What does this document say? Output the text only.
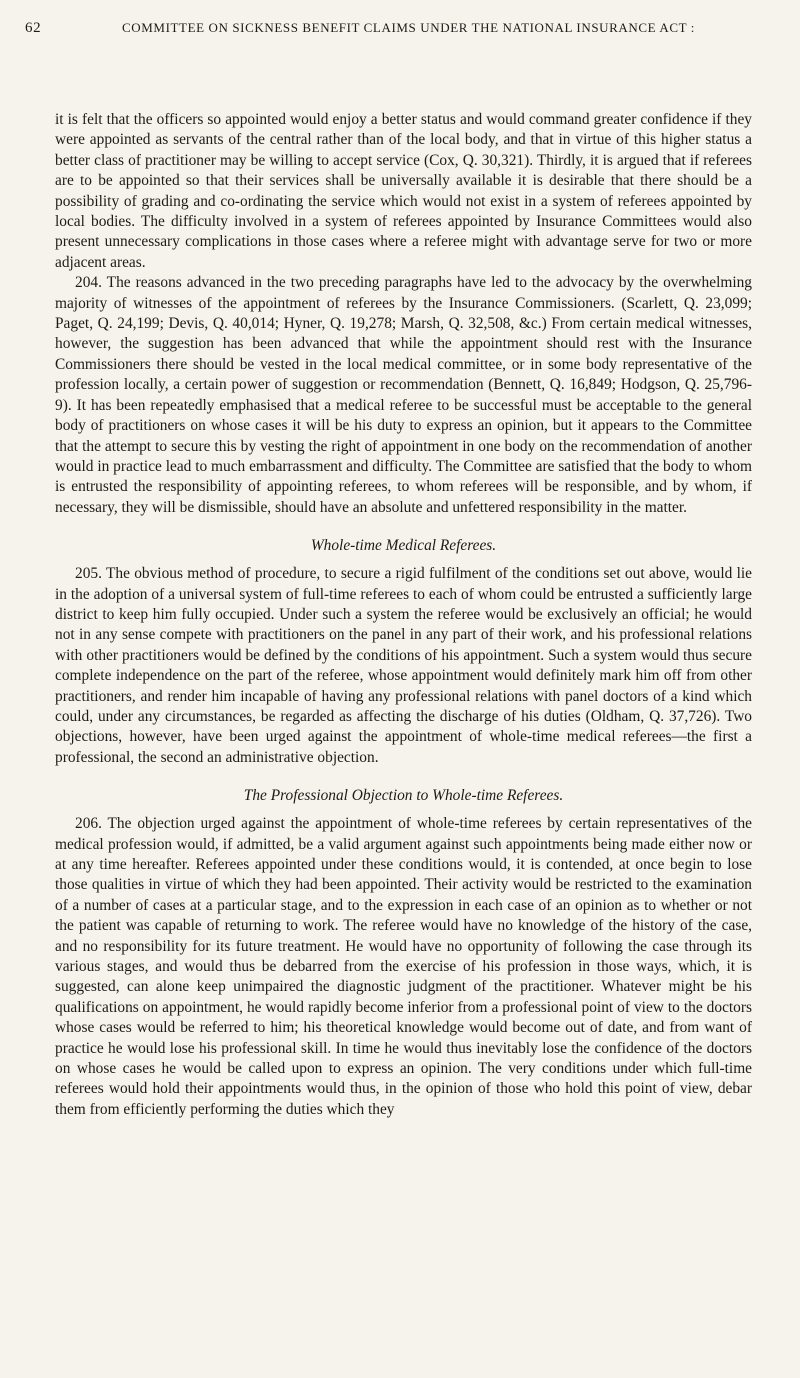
62	COMMITTEE ON SICKNESS BENEFIT CLAIMS UNDER THE NATIONAL INSURANCE ACT :

it is felt that the officers so appointed would enjoy a better status and would command greater confidence if they were appointed as servants of the central rather than of the local body, and that in virtue of this higher status a better class of practitioner may be willing to accept service (Cox, Q. 30,321). Thirdly, it is argued that if referees are to be appointed so that their services shall be universally available it is desirable that there should be a possibility of grading and co-ordinating the service which would not exist in a system of referees appointed by local bodies. The difficulty involved in a system of referees appointed by Insurance Committees would also present unnecessary complications in those cases where a referee might with advantage serve for two or more adjacent areas.

204. The reasons advanced in the two preceding paragraphs have led to the advocacy by the overwhelming majority of witnesses of the appointment of referees by the Insurance Commissioners. (Scarlett, Q. 23,099; Paget, Q. 24,199; Devis, Q. 40,014; Hyner, Q. 19,278; Marsh, Q. 32,508, &c.) From certain medical witnesses, however, the suggestion has been advanced that while the appointment should rest with the Insurance Commissioners there should be vested in the local medical committee, or in some body representative of the profession locally, a certain power of suggestion or recommendation (Bennett, Q. 16,849; Hodgson, Q. 25,796-9). It has been repeatedly emphasised that a medical referee to be successful must be acceptable to the general body of practitioners on whose cases it will be his duty to express an opinion, but it appears to the Committee that the attempt to secure this by vesting the right of appointment in one body on the recommendation of another would in practice lead to much embarrassment and difficulty. The Committee are satisfied that the body to whom is entrusted the responsibility of appointing referees, to whom referees will be responsible, and by whom, if necessary, they will be dismissible, should have an absolute and unfettered responsibility in the matter.

Whole-time Medical Referees.

205. The obvious method of procedure, to secure a rigid fulfilment of the conditions set out above, would lie in the adoption of a universal system of full-time referees to each of whom could be entrusted a sufficiently large district to keep him fully occupied. Under such a system the referee would be exclusively an official; he would not in any sense compete with practitioners on the panel in any part of their work, and his professional relations with other practitioners would be defined by the conditions of his appointment. Such a system would thus secure complete independence on the part of the referee, whose appointment would definitely mark him off from other practitioners, and render him incapable of having any professional relations with panel doctors of a kind which could, under any circumstances, be regarded as affecting the discharge of his duties (Oldham, Q. 37,726). Two objections, however, have been urged against the appointment of whole-time medical referees—the first a professional, the second an administrative objection.

The Professional Objection to Whole-time Referees.

206. The objection urged against the appointment of whole-time referees by certain representatives of the medical profession would, if admitted, be a valid argument against such appointments being made either now or at any time hereafter. Referees appointed under these conditions would, it is contended, at once begin to lose those qualities in virtue of which they had been appointed. Their activity would be restricted to the examination of a number of cases at a particular stage, and to the expression in each case of an opinion as to whether or not the patient was capable of returning to work. The referee would have no knowledge of the history of the case, and no responsibility for its future treatment. He would have no opportunity of following the case through its various stages, and would thus be debarred from the exercise of his profession in those ways, which, it is suggested, can alone keep unimpaired the diagnostic judgment of the practitioner. Whatever might be his qualifications on appointment, he would rapidly become inferior from a professional point of view to the doctors whose cases would be referred to him; his theoretical knowledge would become out of date, and from want of practice he would lose his professional skill. In time he would thus inevitably lose the confidence of the doctors on whose cases he would be called upon to express an opinion. The very conditions under which full-time referees would hold their appointments would thus, in the opinion of those who hold this point of view, debar them from efficiently performing the duties which they
